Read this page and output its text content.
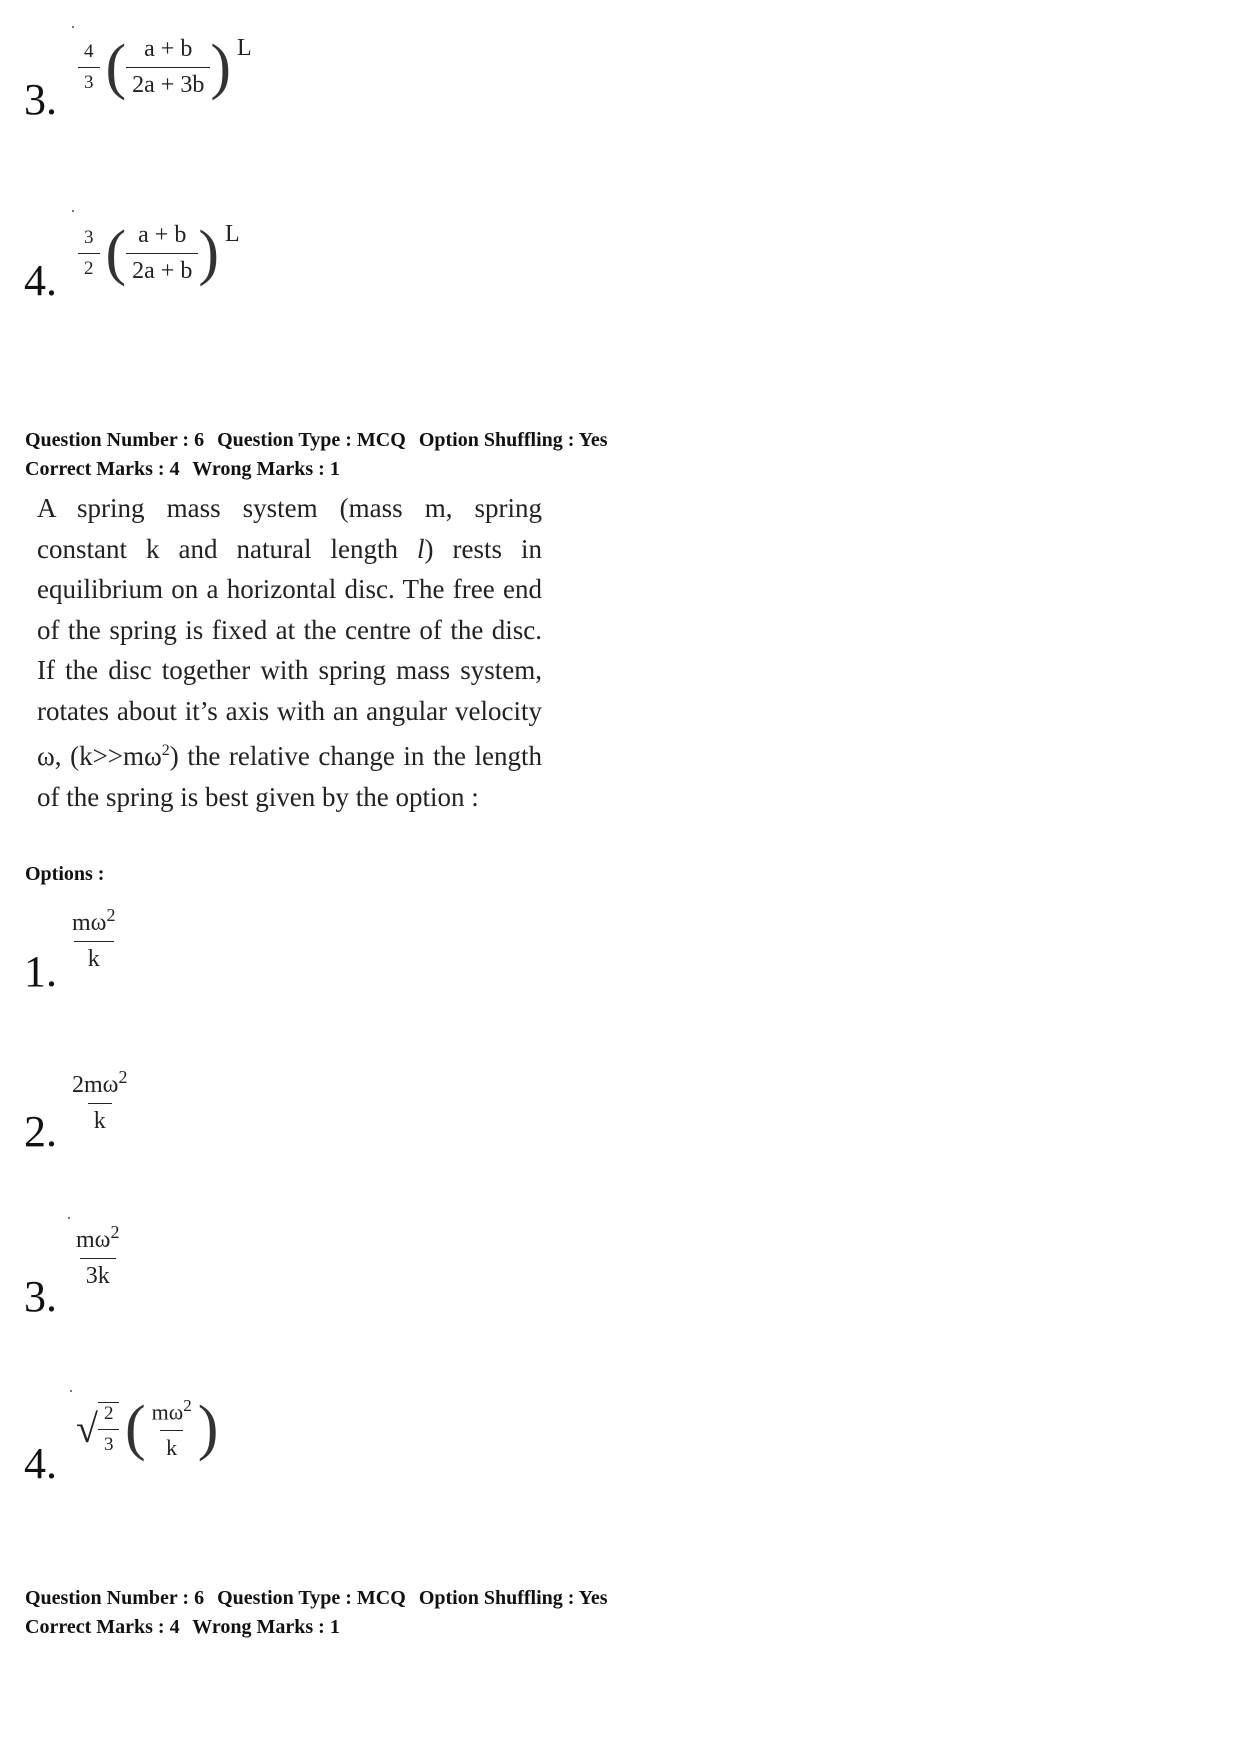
3.
$\frac{4}{3}$ ( $\frac{a + b}{2a + 3b}$ ) L
4.
$\frac{3}{2}$ ( $\frac{a + b}{2a + b}$ ) L
Question Number : 6 Question Type : MCQ Option Shuffling : Yes
Correct Marks : 4 Wrong Marks : 1
A spring mass system (mass m, spring constant k and natural length l) rests in equilibrium on a horizontal disc. The free end of the spring is fixed at the centre of the disc. If the disc together with spring mass system, rotates about it’s axis with an angular velocity ω, $(k>>m\omega^2)$ the relative change in the length of the spring is best given by the option :
Options :
1. $\frac{m\omega^2}{k}$
2. $\frac{2m\omega^2}{k}$
3.
$\frac{m\omega^2}{3k}$
4.
√ $\frac{2}{3}$ ( $\frac{m\omega^2}{k}$ )
Question Number : 6 Question Type : MCQ Option Shuffling : Yes
Correct Marks : 4 Wrong Marks : 1
